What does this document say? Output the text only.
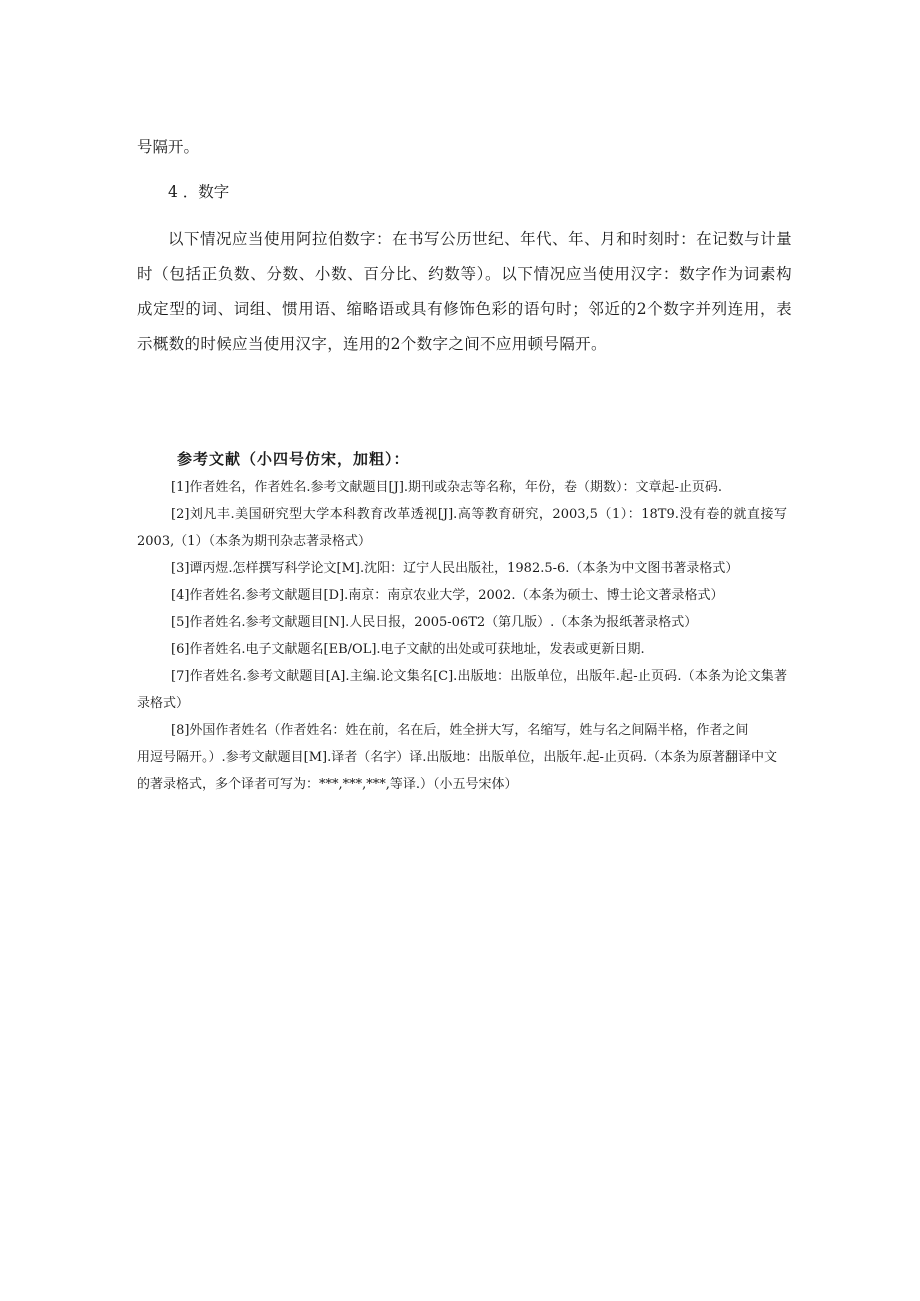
号隔开。

4 ．数字

以下情况应当使用阿拉伯数字：在书写公历世纪、年代、年、月和时刻时：在记数与计量时（包括正负数、分数、小数、百分比、约数等）。以下情况应当使用汉字：数字作为词素构成定型的词、词组、惯用语、缩略语或具有修饰色彩的语句时；邻近的2个数字并列连用，表示概数的时候应当使用汉字，连用的2个数字之间不应用顿号隔开。

参考文献（小四号仿宋，加粗）：

[1]作者姓名，作者姓名.参考文献题目[J].期刊或杂志等名称，年份，卷（期数）：文章起-止页码.

[2]刘凡丰.美国研究型大学本科教育改革透视[J].高等教育研究，2003,5（1）：18T9.没有卷的就直接写2003,（1）（本条为期刊杂志著录格式）

[3]谭丙煜.怎样撰写科学论文[M].沈阳：辽宁人民出版社，1982.5-6.（本条为中文图书著录格式）

[4]作者姓名.参考文献题目[D].南京：南京农业大学，2002.（本条为硕士、博士论文著录格式）

[5]作者姓名.参考文献题目[N].人民日报，2005-06T2（第几版）.（本条为报纸著录格式）

[6]作者姓名.电子文献题名[EB/OL].电子文献的出处或可获地址，发表或更新日期.

[7]作者姓名.参考文献题目[A].主编.论文集名[C].出版地：出版单位，出版年.起-止页码.（本条为论文集著录格式）

[8]外国作者姓名（作者姓名：姓在前，名在后，姓全拼大写，名缩写，姓与名之间隔半格，作者之间
用逗号隔开。）.参考文献题目[M].译者（名字）译.出版地：出版单位，出版年.起-止页码.（本条为原著翻译中文的著录格式，多个译者可写为：***,***,***,等译.）（小五号宋体）
